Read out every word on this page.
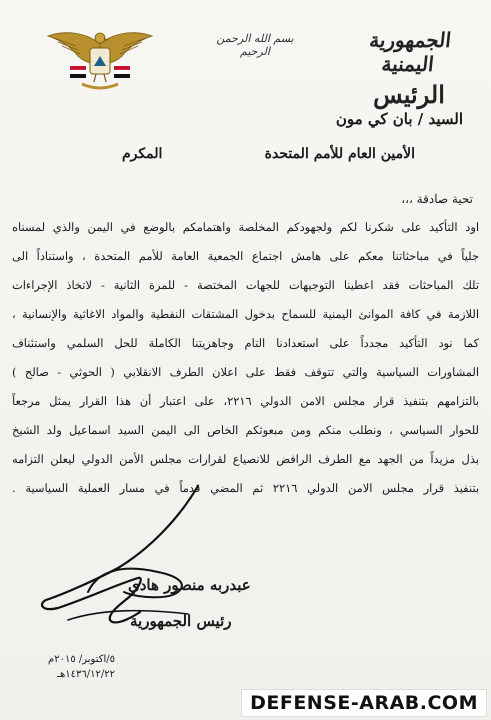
الجمهورية اليمنية
الرئيس
بسم الله الرحمن الرحيم
السيد / بان كي مون
الأمين العام للأمم المتحدة
المكرم
تحية صادقة ،،،
اود التأكيد على شكرنا لكم ولجهودكم المخلصة واهتمامكم بالوضع في اليمن والذي لمسناه
جلياً في مباحثاتنا معكم على هامش اجتماع الجمعية العامة للأمم المتحدة ، واستناداً الى
تلك المباحثات فقد اعطينا التوجيهات للجهات المختصة - للمرة الثانية - لاتخاذ الإجراءات
اللازمة في كافة الموانئ اليمنية للسماح بدخول المشتقات النفطية والمواد الاغاثية والإنسانية ،
كما نود التأكيد مجدداً على استعدادنا التام وجاهزيتنا الكاملة للحل السلمي واستئناف
المشاورات السياسية والتي تتوقف فقط على اعلان الطرف الانقلابي ( الحوثي - صالح )
بالتزامهم بتنفيذ قرار مجلس الامن الدولي ٢٢١٦، على اعتبار أن هذا القرار يمثل مرجعاً
للحوار السياسي ، ونطلب منكم ومن مبعوثكم الخاص الى اليمن السيد اسماعيل ولد الشيخ
بذل مزيداً من الجهد مع الطرف الرافض للانصياع لقرارات مجلس الأمن الدولي ليعلن التزامه
بتنفيذ قرار مجلس الامن الدولي ٢٢١٦ ثم المضي قدماً في مسار العملية السياسية .
عبدربه منصور هادي
رئيس الجمهورية
٥/اكتوبر/ ٢٠١٥م
١٤٣٦/١٢/٢٢هـ
DEFENSE-ARAB.COM
